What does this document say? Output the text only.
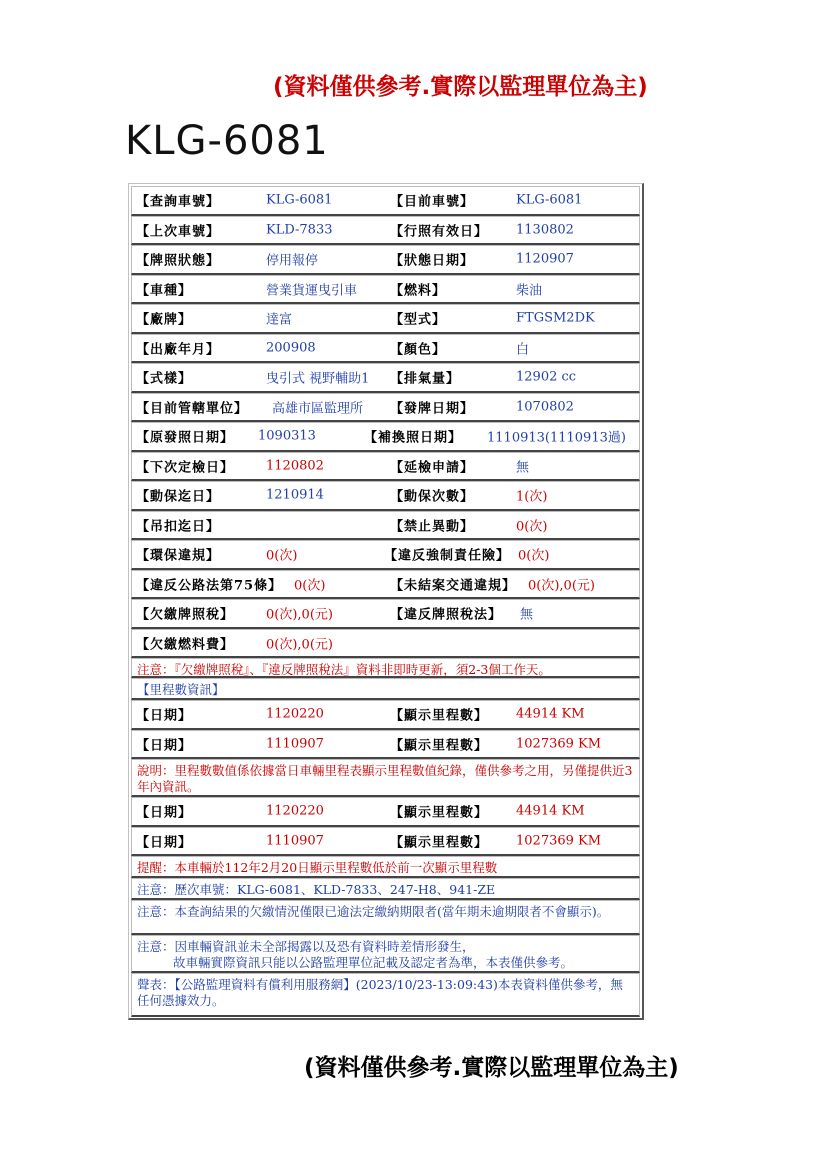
(資料僅供參考.實際以監理單位為主)
KLG-6081
【查詢車號】	KLG-6081	【目前車號】	KLG-6081
【上次車號】	KLD-7833	【行照有效日】 1130802
【牌照狀態】	停用報停	【狀態日期】	1120907
【車種】	營業貨運曳引車	【燃料】	柴油
【廠牌】	達富	【型式】	FTGSM2DK
【出廠年月】	200908	【顏色】	白
【式樣】	曳引式 視野輔助1 【排氣量】	12902 cc
【目前管轄單位】 高雄市區監理所 【發牌日期】	1070802
【原發照日期】 1090313	【補換照日期】 1110913(1110913過)
【下次定檢日】 1120802	【延檢申請】	無
【動保迄日】	1210914	【動保次數】	1(次)
【吊扣迄日】	【禁止異動】	0(次)
【環保違規】	0(次)	【違反強制責任險】 0(次)
【違反公路法第75條】 0(次)	【未結案交通違規】 0(次),0(元)
【欠繳牌照稅】 0(次),0(元)	【違反牌照稅法】 無
【欠繳燃料費】 0(次),0(元)
注意：『欠繳牌照稅』、『違反牌照稅法』資料非即時更新，須2-3個工作天。
【里程數資訊】
【日期】	1120220	【顯示里程數】 44914 KM
【日期】	1110907	【顯示里程數】 1027369 KM
說明：里程數數值係依據當日車輛里程表顯示里程數值紀錄，僅供參考之用，另僅提供近3年內資訊。
【日期】	1120220	【顯示里程數】 44914 KM
【日期】	1110907	【顯示里程數】 1027369 KM
提醒：本車輛於112年2月20日顯示里程數低於前一次顯示里程數
注意：歷次車號：KLG-6081、KLD-7833、247-H8、941-ZE
注意：本查詢結果的欠繳情況僅限已逾法定繳納期限者(當年期未逾期限者不會顯示)。
注意：因車輛資訊並未全部揭露以及恐有資料時差情形發生，
故車輛實際資訊只能以公路監理單位記載及認定者為準，本表僅供參考。
聲表：【公路監理資料有償利用服務網】(2023/10/23-13:09:43)本表資料僅供參考，無任何憑據效力。
(資料僅供參考.實際以監理單位為主)
